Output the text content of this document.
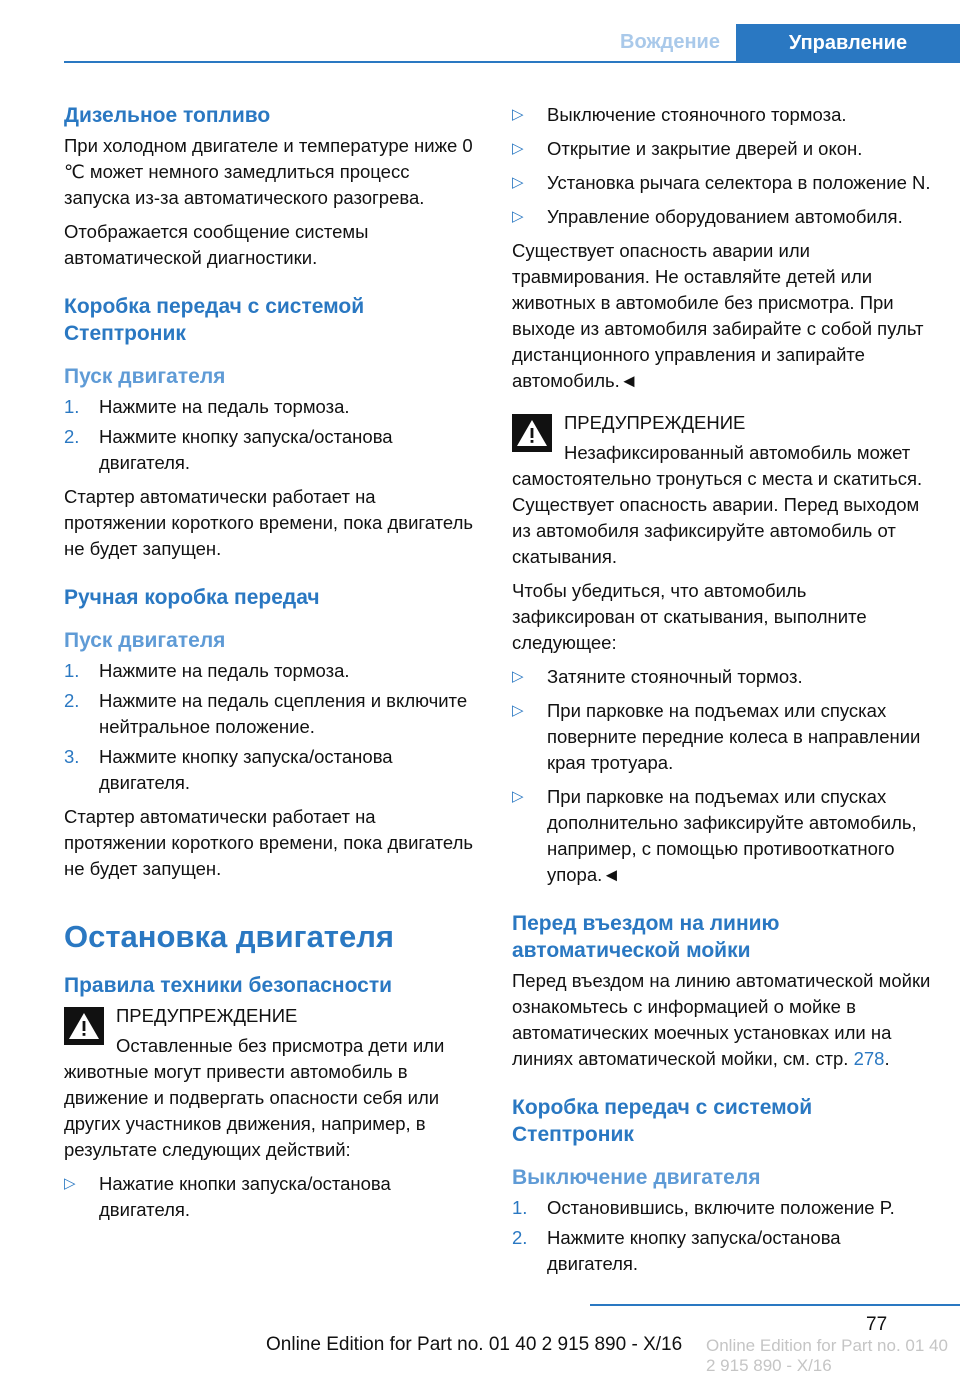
Вождение	Управление
Дизельное топливо

При холодном двигателе и температуре ниже 0 ℃ может немного замедлиться процесс запуска из-за автоматического разогрева.

Отображается сообщение системы автоматической диагностики.

Коробка передач с системой Стептроник
Пуск двигателя
1.	Нажмите на педаль тормоза.
2.	Нажмите кнопку запуска/останова двигателя.

Стартер автоматически работает на протяжении короткого времени, пока двигатель не будет запущен.

Ручная коробка передач
Пуск двигателя
1.	Нажмите на педаль тормоза.
2.	Нажмите на педаль сцепления и включите нейтральное положение.
3.	Нажмите кнопку запуска/останова двигателя.

Стартер автоматически работает на протяжении короткого времени, пока двигатель не будет запущен.

Остановка двигателя
Правила техники безопасности
ПРЕДУПРЕЖДЕНИЕ

Оставленные без присмотра дети или животные могут привести автомобиль в движение и подвергать опасности себя или других участников движения, например, в результате следующих действий:

▷	Нажатие кнопки запуска/останова двигателя.
▷	Выключение стояночного тормоза.
▷	Открытие и закрытие дверей и окон.
▷	Установка рычага селектора в положение N.
▷	Управление оборудованием автомобиля.

Существует опасность аварии или травмирования. Не оставляйте детей или животных в автомобиле без присмотра. При выходе из автомобиля забирайте с собой пульт дистанционного управления и запирайте автомобиль.◄

ПРЕДУПРЕЖДЕНИЕ

Незафиксированный автомобиль может самостоятельно тронуться с места и скатиться. Существует опасность аварии. Перед выходом из автомобиля зафиксируйте автомобиль от скатывания.

Чтобы убедиться, что автомобиль зафиксирован от скатывания, выполните следующее:

▷	Затяните стояночный тормоз.
▷	При парковке на подъемах или спусках поверните передние колеса в направлении края тротуара.
▷	При парковке на подъемах или спусках дополнительно зафиксируйте автомобиль, например, с помощью противооткатного упора.◄
Перед въездом на линию автоматической мойки

Перед въездом на линию автоматической мойки ознакомьтесь с информацией о мойке в автоматических моечных установках или на линиях автоматической мойки, см. стр. 278.

Коробка передач с системой Стептроник
Выключение двигателя
1.	Остановившись, включите положение P.
2.	Нажмите кнопку запуска/останова двигателя.
77
Online Edition for Part no. 01 40 2 915 890 - X/16 Online Edition for Part no. 01 40 2 915 890 - X/16
